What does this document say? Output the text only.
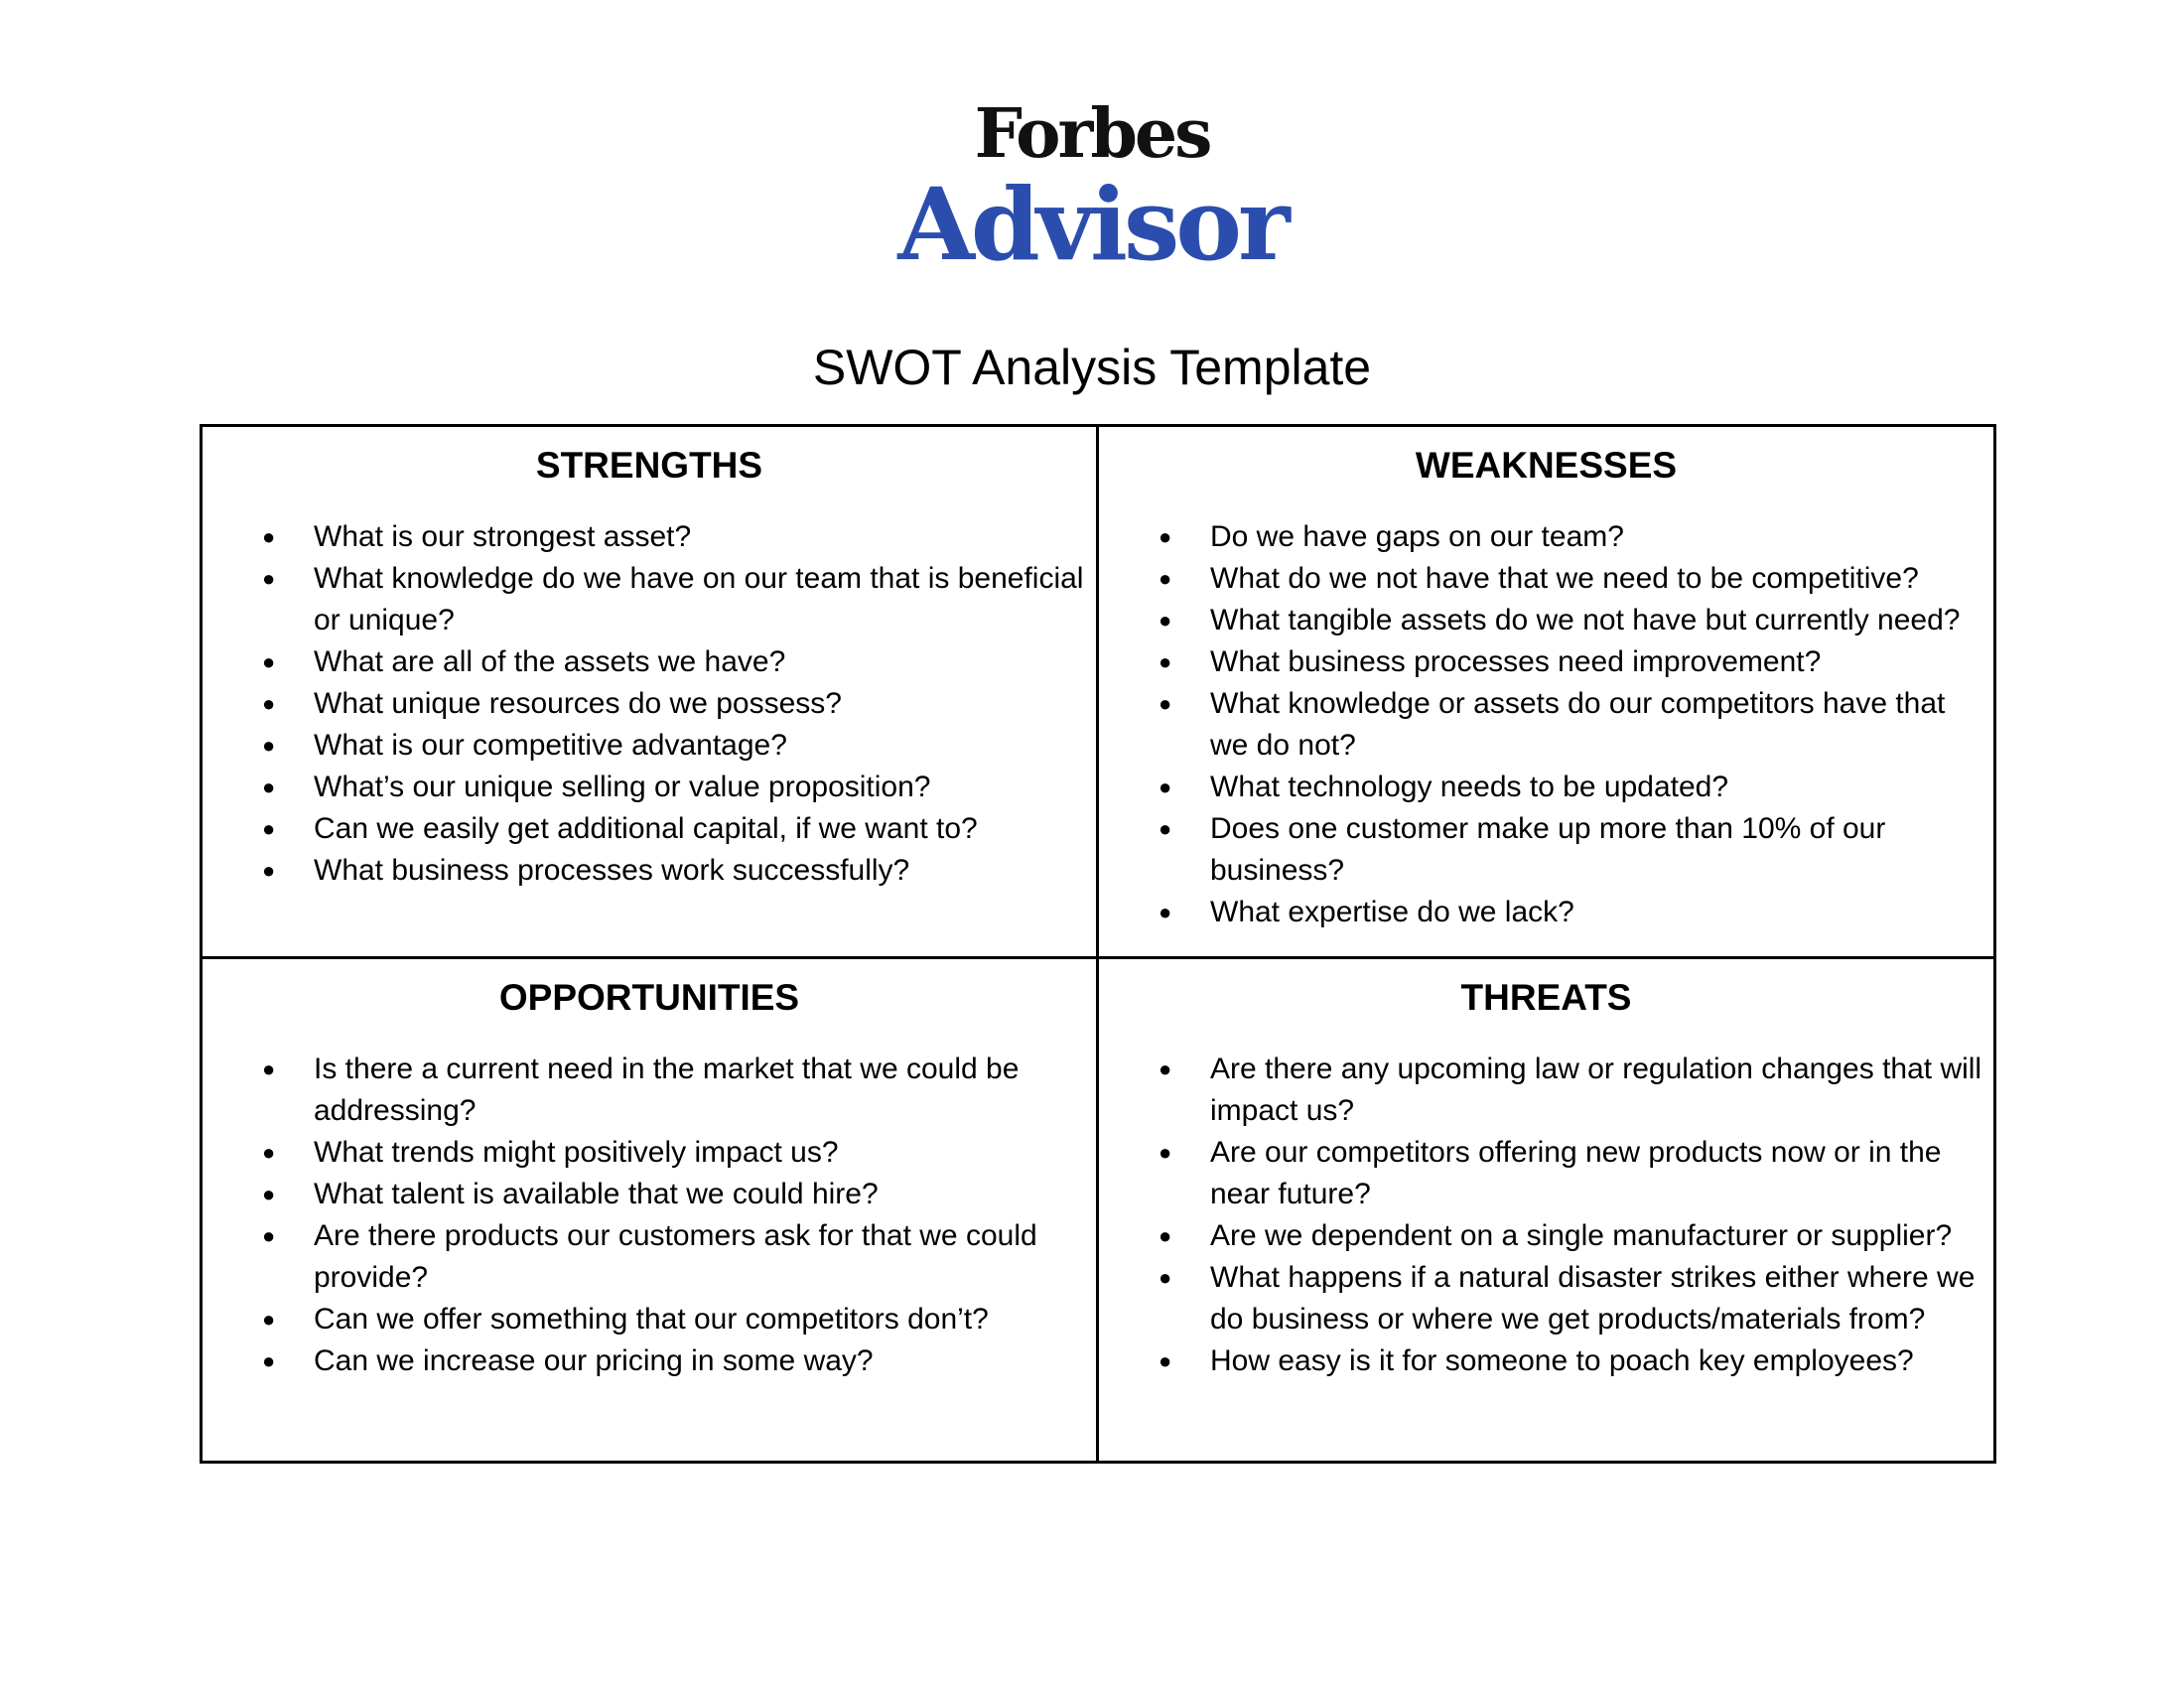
Forbes
Advisor
SWOT Analysis Template
STRENGTHS
● What is our strongest asset?
● What knowledge do we have on our team that is beneficial or unique?
● What are all of the assets we have?
● What unique resources do we possess?
● What is our competitive advantage?
● What’s our unique selling or value proposition?
● Can we easily get additional capital, if we want to?
● What business processes work successfully?
WEAKNESSES
● Do we have gaps on our team?
● What do we not have that we need to be competitive?
● What tangible assets do we not have but currently need?
● What business processes need improvement?
● What knowledge or assets do our competitors have that we do not?
● What technology needs to be updated?
● Does one customer make up more than 10% of our business?
● What expertise do we lack?
OPPORTUNITIES
● Is there a current need in the market that we could be addressing?
● What trends might positively impact us?
● What talent is available that we could hire?
● Are there products our customers ask for that we could provide?
● Can we offer something that our competitors don’t?
● Can we increase our pricing in some way?
THREATS
● Are there any upcoming law or regulation changes that will impact us?
● Are our competitors offering new products now or in the near future?
● Are we dependent on a single manufacturer or supplier?
● What happens if a natural disaster strikes either where we do business or where we get products/materials from?
● How easy is it for someone to poach key employees?
